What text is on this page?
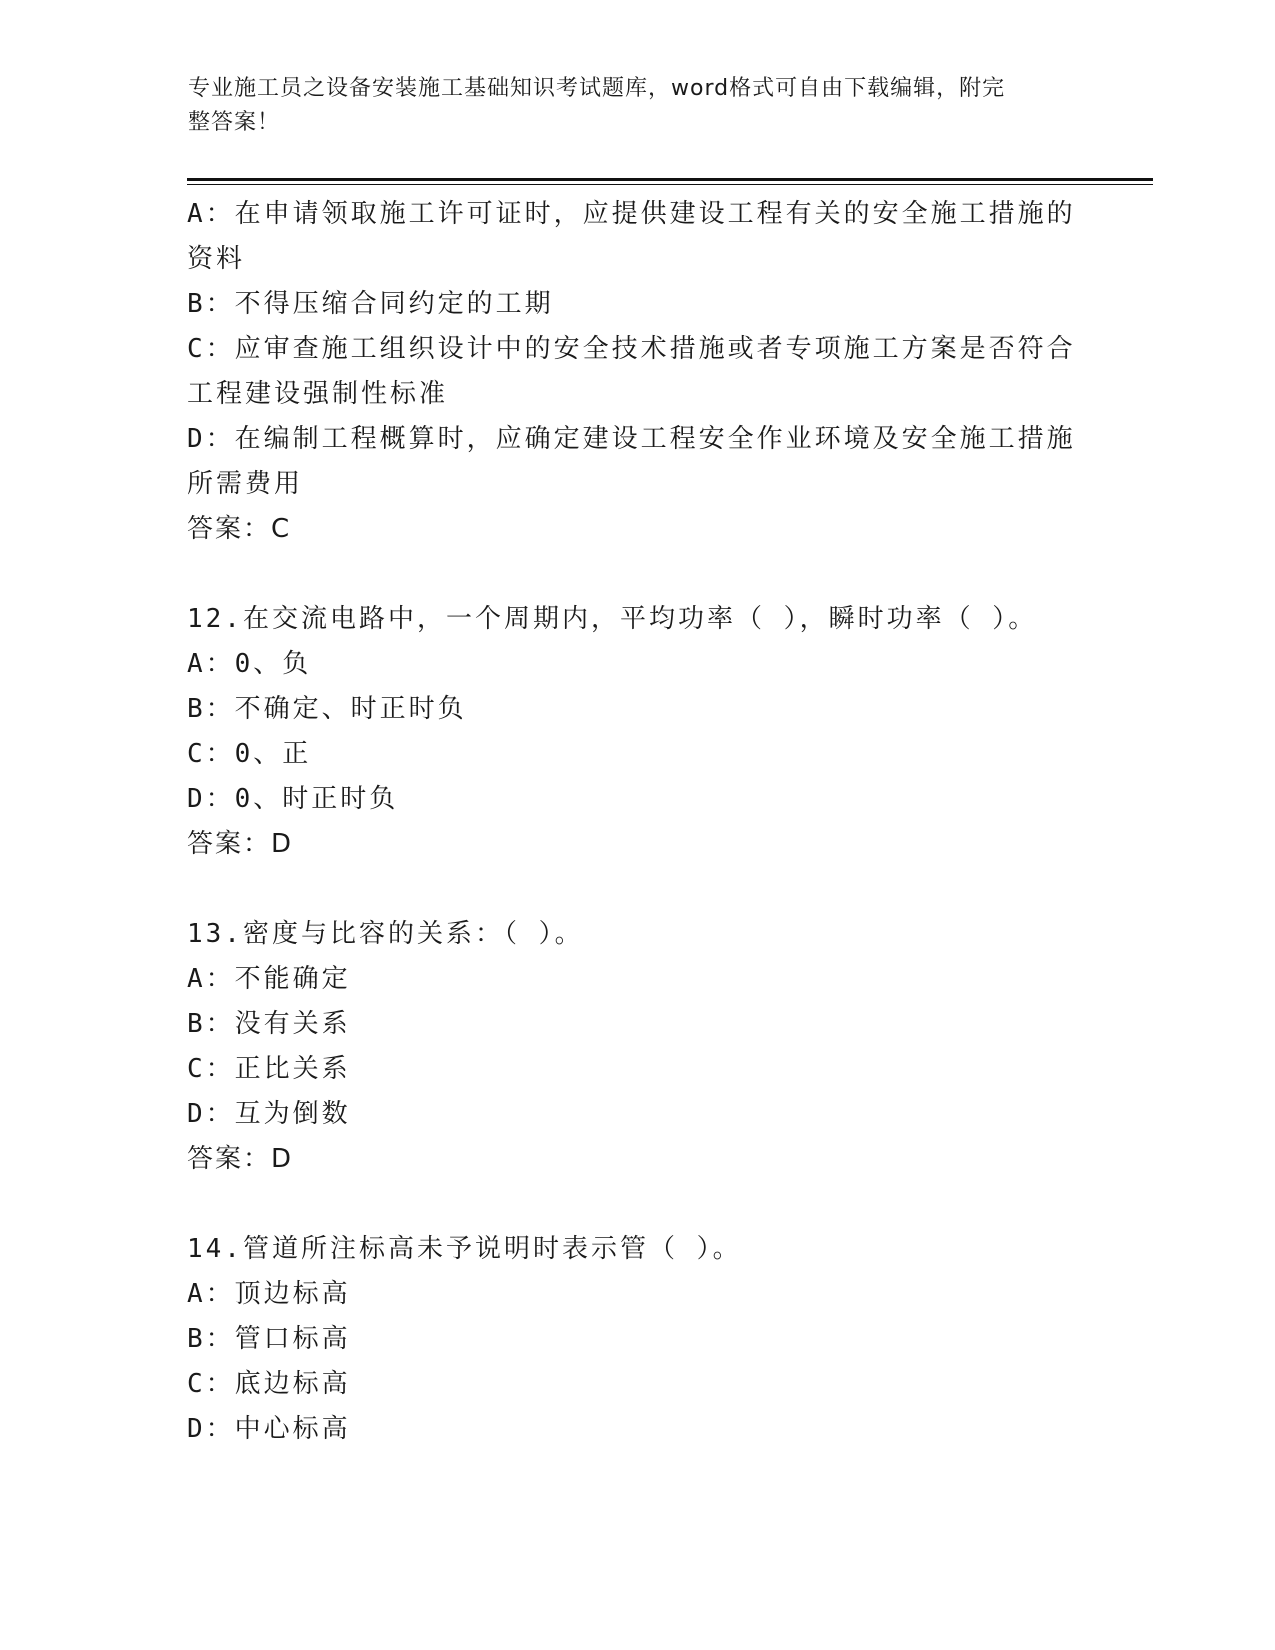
专业施工员之设备安装施工基础知识考试题库，word格式可自由下载编辑，附完
整答案！
A：在申请领取施工许可证时，应提供建设工程有关的安全施工措施的资料
B：不得压缩合同约定的工期
C：应审查施工组织设计中的安全技术措施或者专项施工方案是否符合工程建设强制性标准
D：在编制工程概算时，应确定建设工程安全作业环境及安全施工措施所需费用
答案：C
12.在交流电路中，一个周期内，平均功率（ ），瞬时功率（ ）。
A：0、负
B：不确定、时正时负
C：0、正
D：0、时正时负
答案：D
13.密度与比容的关系：（ ）。
A：不能确定
B：没有关系
C：正比关系
D：互为倒数
答案：D
14.管道所注标高未予说明时表示管（ ）。
A：顶边标高
B：管口标高
C：底边标高
D：中心标高
